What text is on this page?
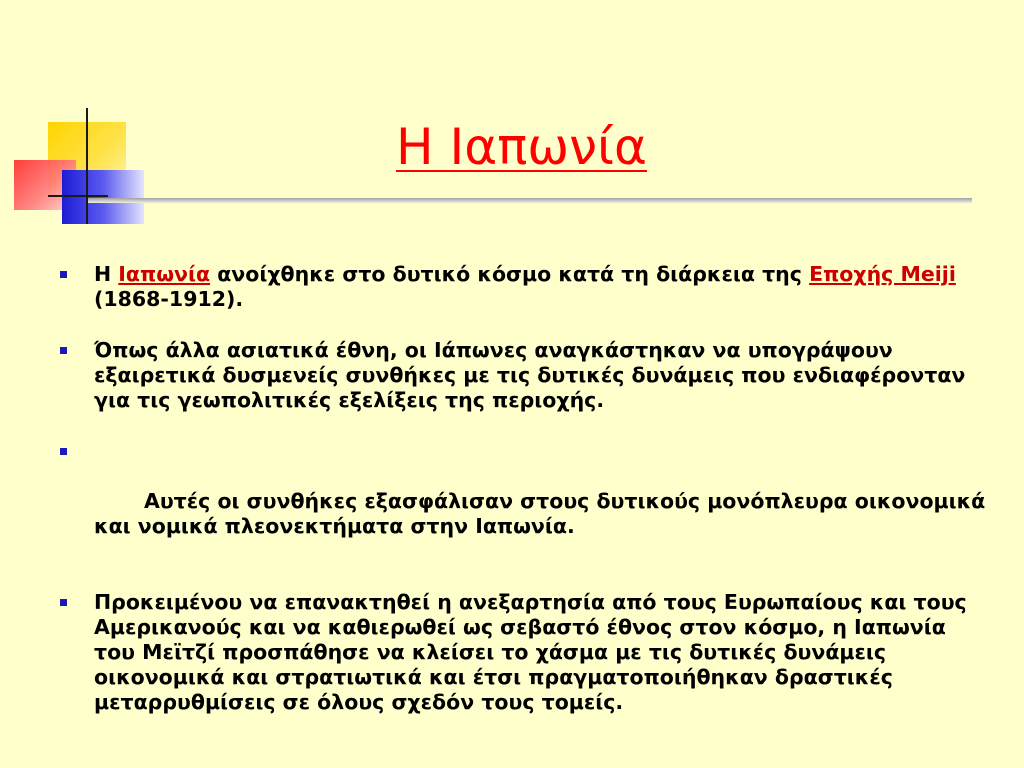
Η Ιαπωνία
Η Ιαπωνία ανοίχθηκε στο δυτικό κόσμο κατά τη διάρκεια της Εποχής Meiji (1868-1912).
Όπως άλλα ασιατικά έθνη, οι Ιάπωνες αναγκάστηκαν να υπογράψουν εξαιρετικά δυσμενείς συνθήκες με τις δυτικές δυνάμεις που ενδιαφέρονταν για τις γεωπολιτικές εξελίξεις της περιοχής.

Αυτές οι συνθήκες εξασφάλισαν στους δυτικούς μονόπλευρα οικονομικά και νομικά πλεονεκτήματα στην Ιαπωνία.

Προκειμένου να επανακτηθεί η ανεξαρτησία από τους Ευρωπαίους και τους Αμερικανούς και να καθιερωθεί ως σεβαστό έθνος στον κόσμο, η Ιαπωνία του Μεϊτζί προσπάθησε να κλείσει το χάσμα με τις δυτικές δυνάμεις οικονομικά και στρατιωτικά και έτσι πραγματοποιήθηκαν δραστικές μεταρρυθμίσεις σε όλους σχεδόν τους τομείς.
